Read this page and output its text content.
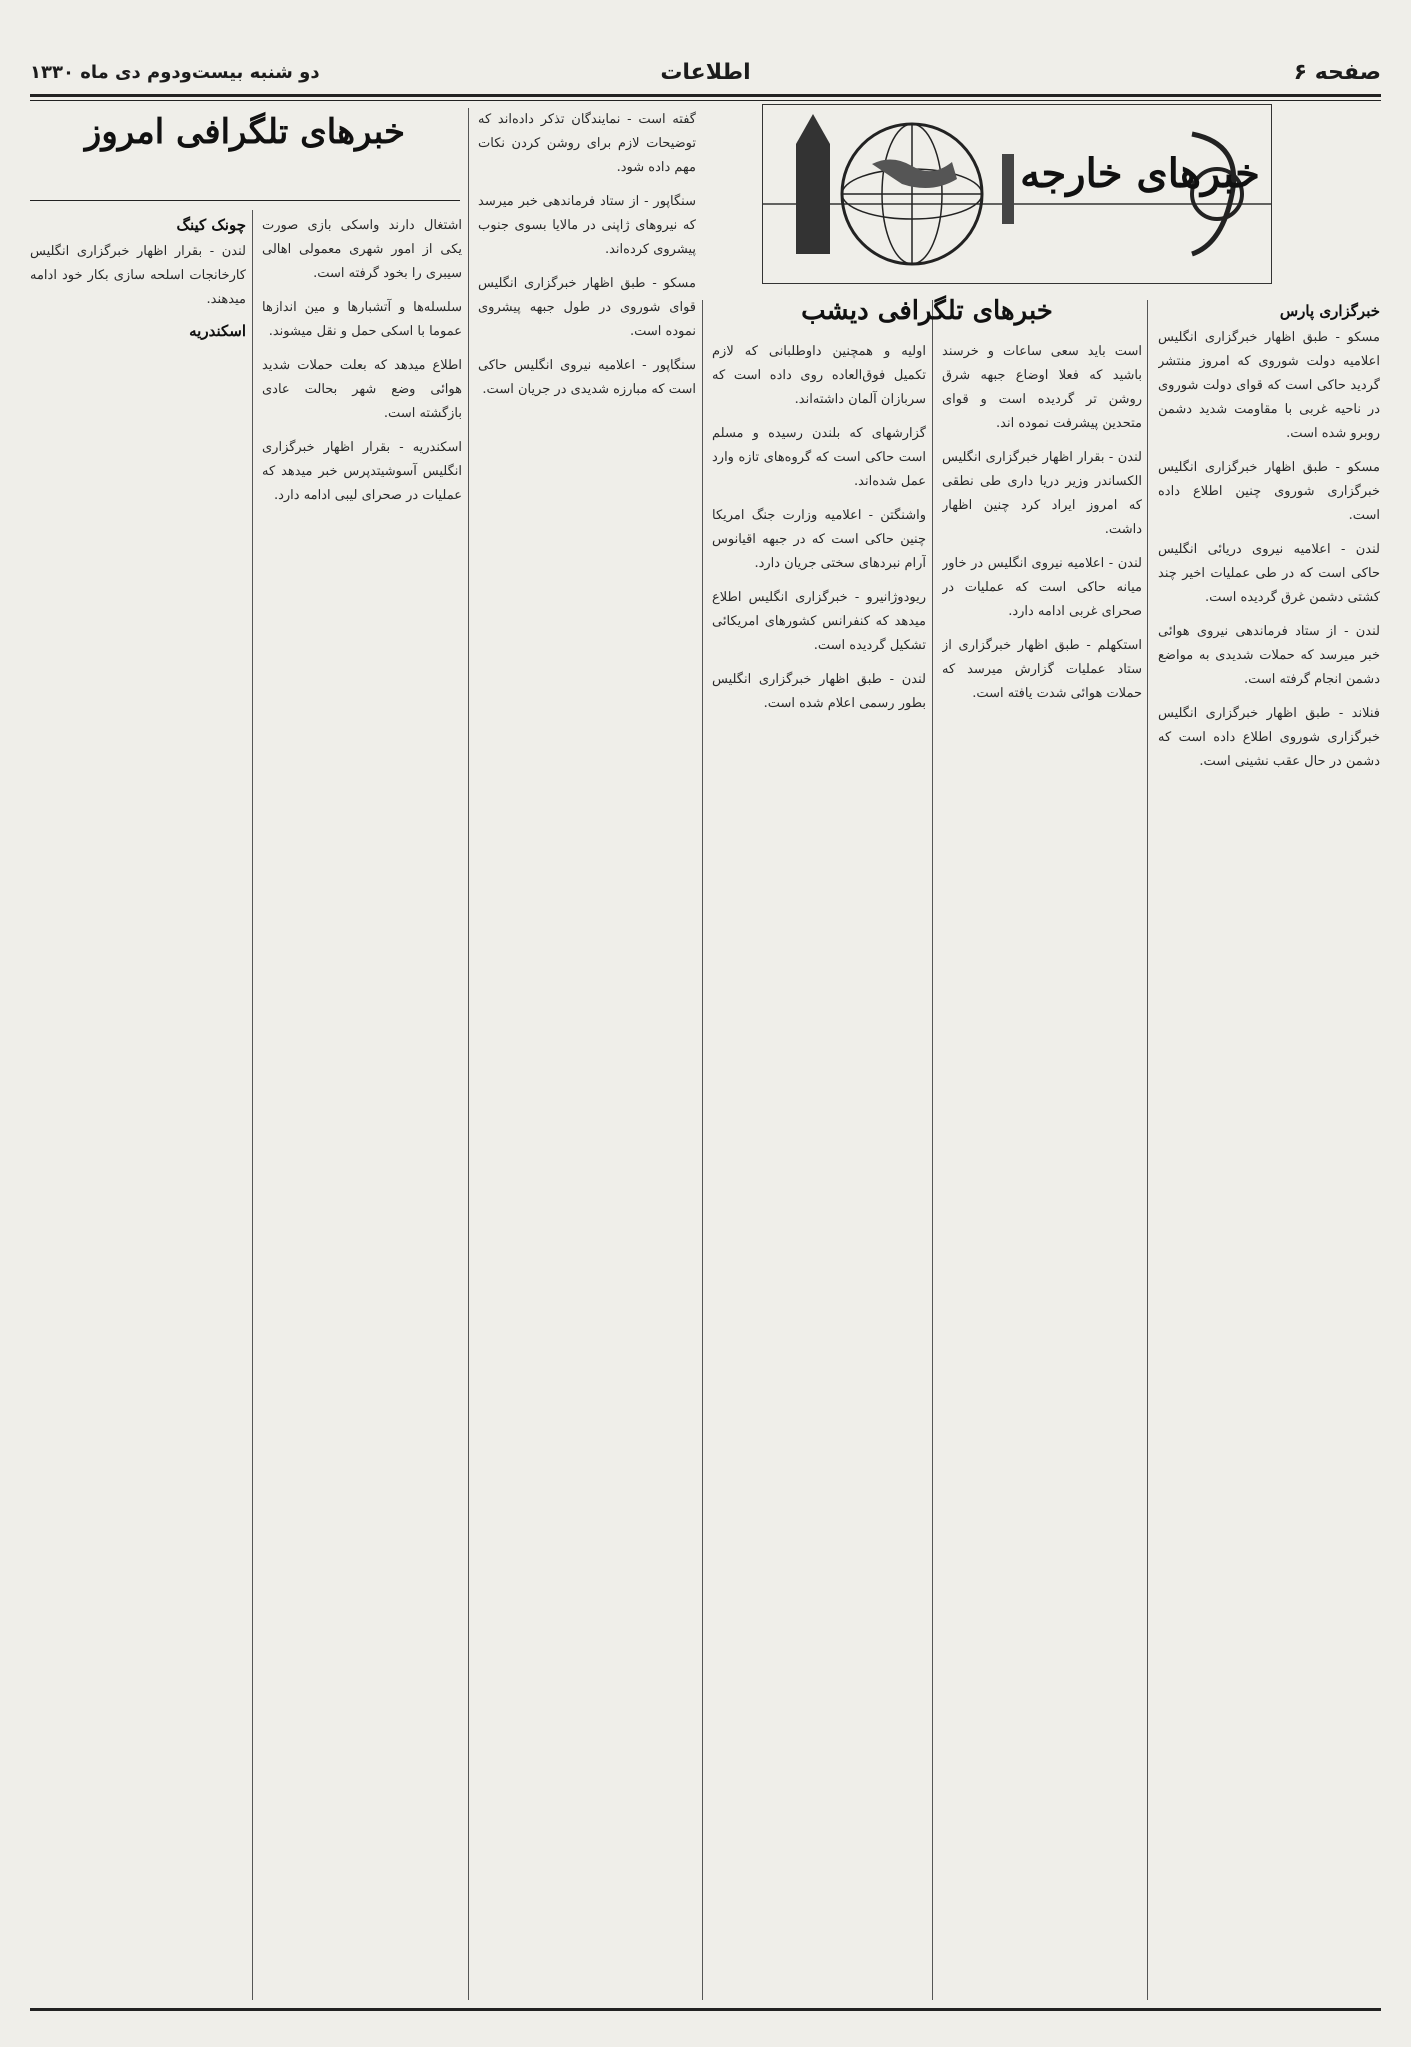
صفحه ۶
اطلاعات
دو شنبه بیست‌و‌دوم دی ماه ۱۳۳۰
خبرهای خارجه
خبرگزاری پارس

مسکو - طبق اظهار خبرگزاری انگلیس اعلامیه دولت شوروی که امروز منتشر گردید حاکی است که قوای دولت شوروی در ناحیه غربی با مقاومت شدید دشمن روبرو شده است.

مسکو - طبق اظهار خبرگزاری انگلیس خبرگزاری شوروی چنین اطلاع داده است.

لندن - اعلامیه نیروی دریائی انگلیس حاکی است که در طی عملیات اخیر چند کشتی دشمن غرق گردیده است.

لندن - از ستاد فرماندهی نیروی هوائی خبر میرسد که حملات شدیدی به مواضع دشمن انجام گرفته است.

فنلاند - طبق اظهار خبرگزاری انگلیس خبرگزاری شوروی اطلاع داده است که دشمن در حال عقب نشینی است.

خبرهای تلگرافی دیشب

است باید سعی ساعات و خرسند باشید که فعلا اوضاع جبهه شرق روشن تر گردیده است و قوای متحدین پیشرفت نموده اند.

لندن - بقرار اظهار خبرگزاری انگلیس الکساندر وزیر دریا داری طی نطقی که امروز ایراد کرد چنین اظهار داشت.

لندن - اعلامیه نیروی انگلیس در خاور میانه حاکی است که عملیات در صحرای غربی ادامه دارد.

استکهلم - طبق اظهار خبرگزاری از ستاد عملیات گزارش میرسد که حملات هوائی شدت یافته است.

اولیه و همچنین داوطلبانی که لازم تکمیل فوق‌العاده روی داده است که سربازان آلمان داشته‌اند.

گزارشهای که بلندن رسیده و مسلم است حاکی است که گروه‌های تازه وارد عمل شده‌اند.

واشنگتن - اعلامیه وزارت جنگ امریکا چنین حاکی است که در جبهه اقیانوس آرام نبردهای سختی جریان دارد.

ریودوژانیرو - خبرگزاری انگلیس اطلاع میدهد که کنفرانس کشورهای امریکائی تشکیل گردیده است.

لندن - طبق اظهار خبرگزاری انگلیس بطور رسمی اعلام شده است.

گفته است - نمایندگان تذکر داده‌اند که توضیحات لازم برای روشن کردن نکات مهم داده شود.

سنگاپور - از ستاد فرماندهی خبر میرسد که نیروهای ژاپنی در مالایا بسوی جنوب پیشروی کرده‌اند.

مسکو - طبق اظهار خبرگزاری انگلیس قوای شوروی در طول جبهه پیشروی نموده است.

سنگاپور - اعلامیه نیروی انگلیس حاکی است که مبارزه شدیدی در جریان است.

خبرهای تلگرافی امروز

اشتغال دارند واسکی بازی صورت یکی از امور شهری معمولی اهالی سیبری را بخود گرفته است.

سلسله‌ها و آتشبارها و مین اندازها عموما با اسکی حمل و نقل میشوند.

اطلاع میدهد که بعلت حملات شدید هوائی وضع شهر بحالت عادی بازگشته است.

اسکندریه - بقرار اظهار خبرگزاری انگلیس آسوشیتدپرس خبر میدهد که عملیات در صحرای لیبی ادامه دارد.

چونک کینگ

لندن - بقرار اظهار خبرگزاری انگلیس کارخانجات اسلحه سازی بکار خود ادامه میدهند.

اسکندریه
